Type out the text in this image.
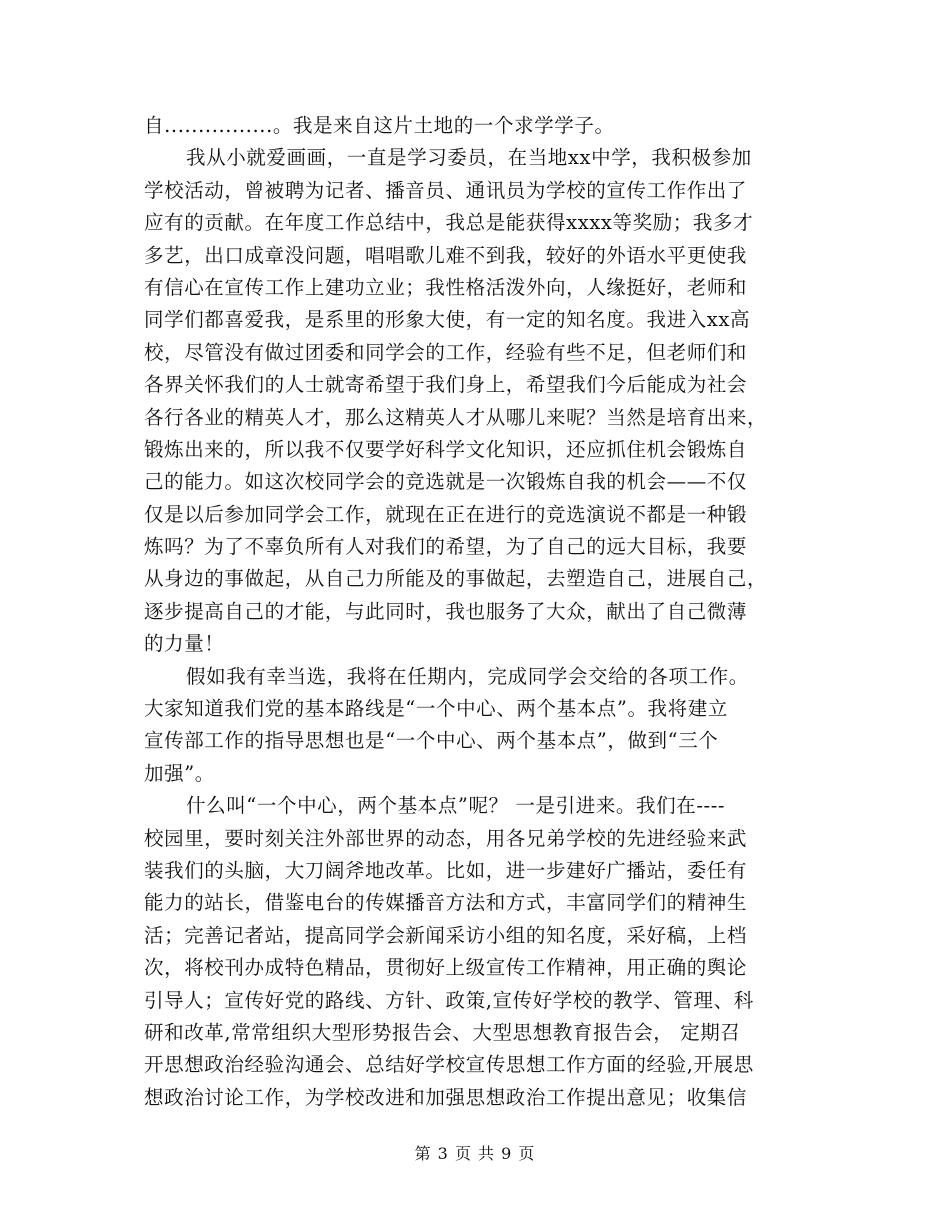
自................。我是来自这片土地的一个求学学子。
我从小就爱画画，一直是学习委员，在当地xx中学，我积极参加
学校活动，曾被聘为记者、播音员、通讯员为学校的宣传工作作出了
应有的贡献。在年度工作总结中，我总是能获得xxxx等奖励；我多才
多艺，出口成章没问题，唱唱歌儿难不到我，较好的外语水平更使我
有信心在宣传工作上建功立业；我性格活泼外向，人缘挺好，老师和
同学们都喜爱我，是系里的形象大使，有一定的知名度。我进入xx高
校，尽管没有做过团委和同学会的工作，经验有些不足，但老师们和
各界关怀我们的人士就寄希望于我们身上，希望我们今后能成为社会
各行各业的精英人才，那么这精英人才从哪儿来呢？当然是培育出来，
锻炼出来的，所以我不仅要学好科学文化知识，还应抓住机会锻炼自
己的能力。如这次校同学会的竞选就是一次锻炼自我的机会——不仅
仅是以后参加同学会工作，就现在正在进行的竞选演说不都是一种锻
炼吗？为了不辜负所有人对我们的希望，为了自己的远大目标，我要
从身边的事做起，从自己力所能及的事做起，去塑造自己，进展自己，
逐步提高自己的才能，与此同时，我也服务了大众，献出了自己微薄
的力量！
假如我有幸当选，我将在任期内，完成同学会交给的各项工作。
大家知道我们党的基本路线是“一个中心、两个基本点”。我将建立
宣传部工作的指导思想也是“一个中心、两个基本点”，做到“三个
加强”。
什么叫“一个中心，两个基本点”呢？ 一是引进来。我们在----
校园里，要时刻关注外部世界的动态，用各兄弟学校的先进经验来武
装我们的头脑，大刀阔斧地改革。比如，进一步建好广播站，委任有
能力的站长，借鉴电台的传媒播音方法和方式，丰富同学们的精神生
活；完善记者站，提高同学会新闻采访小组的知名度，采好稿，上档
次，将校刊办成特色精品，贯彻好上级宣传工作精神，用正确的舆论
引导人；宣传好党的路线、方针、政策,宣传好学校的教学、管理、科
研和改革,常常组织大型形势报告会、大型思想教育报告会， 定期召
开思想政治经验沟通会、总结好学校宣传思想工作方面的经验,开展思
想政治讨论工作，为学校改进和加强思想政治工作提出意见；收集信
第 3 页 共 9 页
